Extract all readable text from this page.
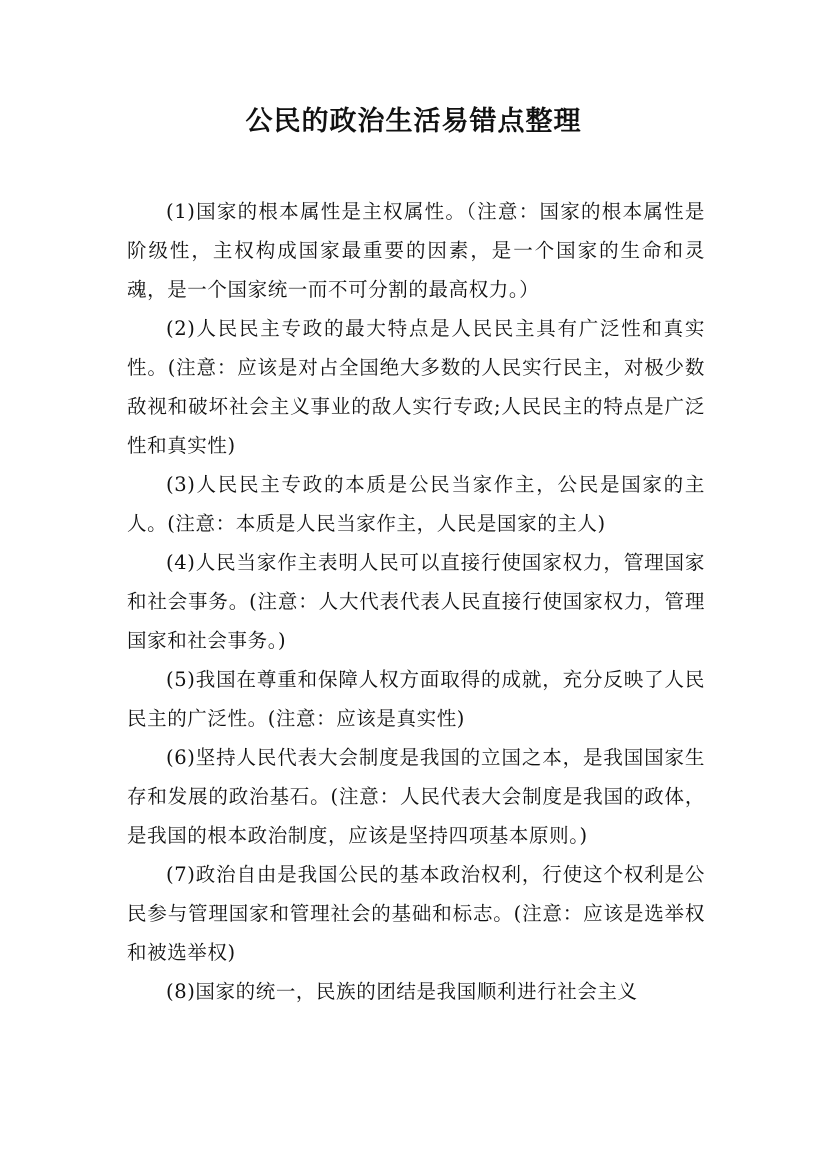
公民的政治生活易错点整理

(1)国家的根本属性是主权属性。（注意：国家的根本属性是阶级性，主权构成国家最重要的因素，是一个国家的生命和灵魂，是一个国家统一而不可分割的最高权力。）

(2)人民民主专政的最大特点是人民民主具有广泛性和真实性。(注意：应该是对占全国绝大多数的人民实行民主，对极少数敌视和破坏社会主义事业的敌人实行专政;人民民主的特点是广泛性和真实性)

(3)人民民主专政的本质是公民当家作主，公民是国家的主人。(注意：本质是人民当家作主，人民是国家的主人)

(4)人民当家作主表明人民可以直接行使国家权力，管理国家和社会事务。(注意：人大代表代表人民直接行使国家权力，管理国家和社会事务。)

(5)我国在尊重和保障人权方面取得的成就，充分反映了人民民主的广泛性。(注意：应该是真实性)

(6)坚持人民代表大会制度是我国的立国之本，是我国国家生存和发展的政治基石。(注意：人民代表大会制度是我国的政体，是我国的根本政治制度，应该是坚持四项基本原则。)

(7)政治自由是我国公民的基本政治权利，行使这个权利是公民参与管理国家和管理社会的基础和标志。(注意：应该是选举权和被选举权)

(8)国家的统一，民族的团结是我国顺利进行社会主义
